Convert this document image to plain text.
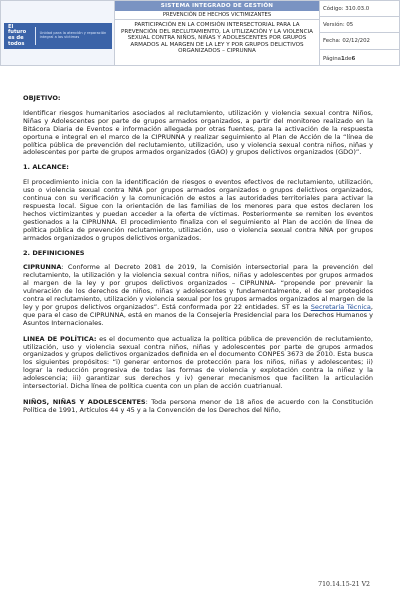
El futuro
es de todos
Unidad para la atención y reparación integral a las víctimas
SISTEMA INTEGRADO DE GESTIÓN
PREVENCIÓN DE HECHOS VICTIMIZANTES
PARTICIPACIÓN EN LA COMISIÓN INTERSECTORIAL PARA LA PREVENCIÓN DEL RECLUTAMIENTO, LA UTILIZACIÓN Y LA VIOLENCIA SEXUAL CONTRA NIÑOS, NIÑAS Y ADOLESCENTES POR GRUPOS ARMADOS AL MARGEN DE LA LEY Y POR GRUPOS DELICTIVOS ORGANIZADOS – CIPRUNNA
Código: 310.03.0
Versión: 05
Fecha: 02/12/202
Página 1 de 6

OBJETIVO:

Identificar riesgos humanitarios asociados al reclutamiento, utilización y violencia sexual contra Niños, Niñas y Adolescentes por parte de grupos armados organizados, a partir del monitoreo realizado en la Bitácora Diaria de Eventos e información allegada por otras fuentes, para la activación de la respuesta oportuna e integral en el marco de la CIPRUNNA y realizar seguimiento al Plan de Acción de la “línea de política pública de prevención del reclutamiento, utilización, uso y violencia sexual contra niños, niñas y adolescentes por parte de grupos armados organizados (GAO) y grupos delictivos organizados (GDO)”.

1. ALCANCE:

El procedimiento inicia con la identificación de riesgos o eventos efectivos de reclutamiento, utilización, uso o violencia sexual contra NNA por grupos armados organizados o grupos delictivos organizados, continua con su verificación y la comunicación de estos a las autoridades territoriales para activar la respuesta local. Sigue con la orientación de las familias de los menores para que estos declaren los hechos victimizantes y puedan acceder a la oferta de víctimas. Posteriormente se remiten los eventos gestionados a la CIPRUNNA. El procedimiento finaliza con el seguimiento al Plan de acción de línea de política pública de prevención reclutamiento, utilización, uso o violencia sexual contra NNA por grupos armados organizados o grupos delictivos organizados.

2. DEFINICIONES

CIPRUNNA: Conforme al Decreto 2081 de 2019, la Comisión intersectorial para la prevención del reclutamiento, la utilización y la violencia sexual contra niños, niñas y adolescentes por grupos armados al margen de la ley y por grupos delictivos organizados – CIPRUNNA- “propende por prevenir la vulneración de los derechos de niños, niñas y adolescentes y fundamentalmente, el de ser protegidos contra el reclutamiento, utilización y violencia sexual por los grupos armados organizados al margen de la ley y por grupos delictivos organizados”. Está conformada por 22 entidades. ST es la Secretaría Técnica, que para el caso de CIPRUNNA, está en manos de la Consejería Presidencial para los Derechos Humanos y Asuntos Internacionales.

LINEA DE POLÍTICA: es el documento que actualiza la política pública de prevención de reclutamiento, utilización, uso y violencia sexual contra niños, niñas y adolescentes por parte de grupos armados organizados y grupos delictivos organizados definida en el documento CONPES 3673 de 2010. Esta busca los siguientes propósitos: “i) generar entornos de protección para los niños, niñas y adolescentes; ii) lograr la reducción progresiva de todas las formas de violencia y explotación contra la niñez y la adolescencia; iii) garantizar sus derechos y iv) generar mecanismos que faciliten la articulación intersectorial. Dicha línea de política cuenta con un plan de acción cuatrianual.

NIÑOS, NIÑAS Y ADOLESCENTES: Toda persona menor de 18 años de acuerdo con la Constitución Política de 1991, Artículos 44 y 45 y a la Convención de los Derechos del Niño,

710.14.15-21 V2
